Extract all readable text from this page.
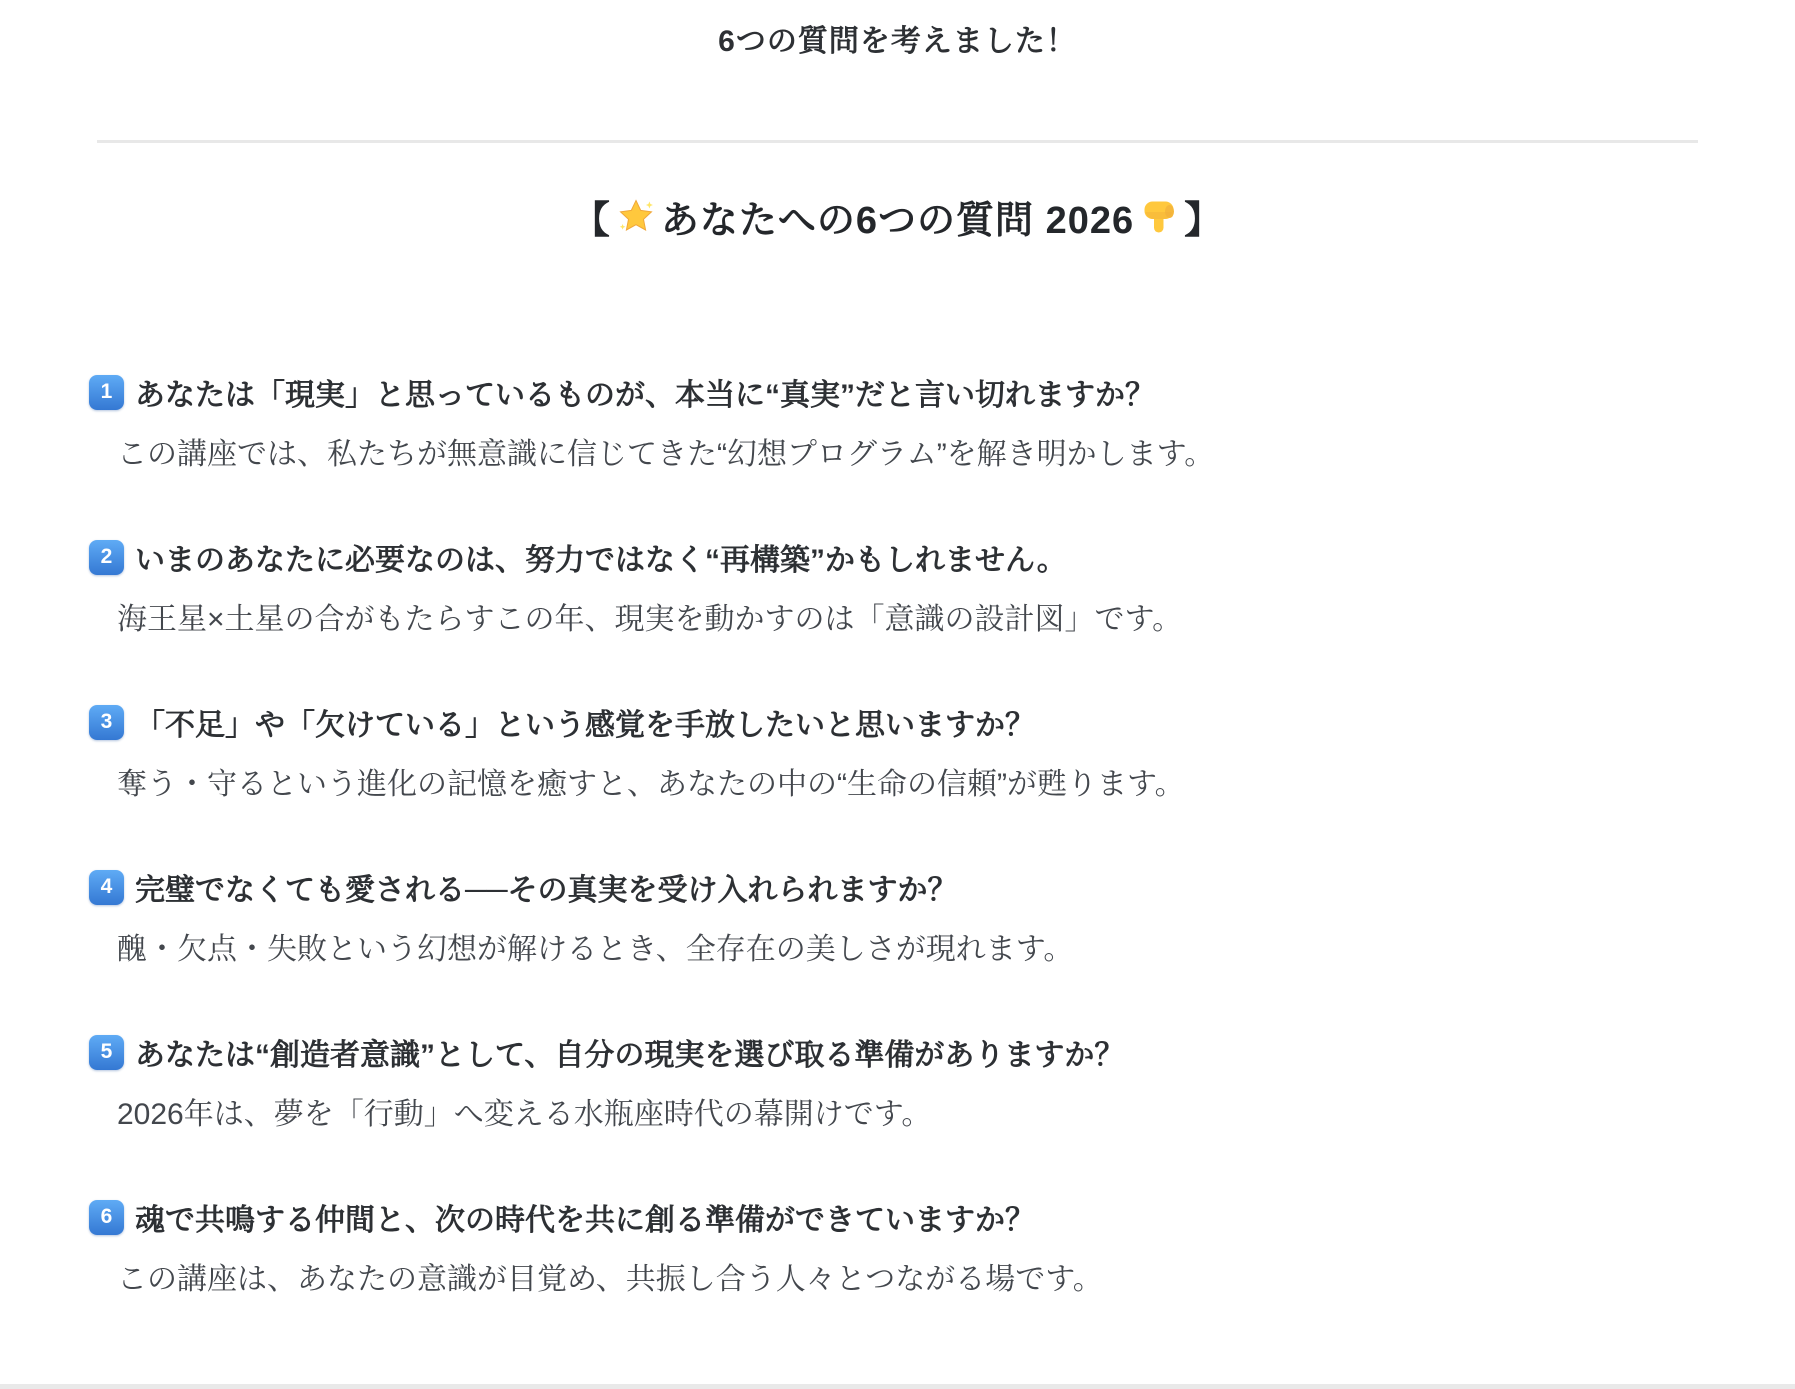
6つの質問を考えました！
【 あなたへの6つの質問 2026 】
1 あなたは「現実」と思っているものが、本当に“真実”だと言い切れますか？
この講座では、私たちが無意識に信じてきた“幻想プログラム”を解き明かします。
2 いまのあなたに必要なのは、努力ではなく“再構築”かもしれません。
海王星×土星の合がもたらすこの年、現実を動かすのは「意識の設計図」です。
3 「不足」や「欠けている」という感覚を手放したいと思いますか？
奪う・守るという進化の記憶を癒すと、あなたの中の“生命の信頼”が甦ります。
4 完璧でなくても愛される──その真実を受け入れられますか？
醜・欠点・失敗という幻想が解けるとき、全存在の美しさが現れます。
5 あなたは“創造者意識”として、自分の現実を選び取る準備がありますか？
2026年は、夢を「行動」へ変える水瓶座時代の幕開けです。
6 魂で共鳴する仲間と、次の時代を共に創る準備ができていますか？
この講座は、あなたの意識が目覚め、共振し合う人々とつながる場です。
